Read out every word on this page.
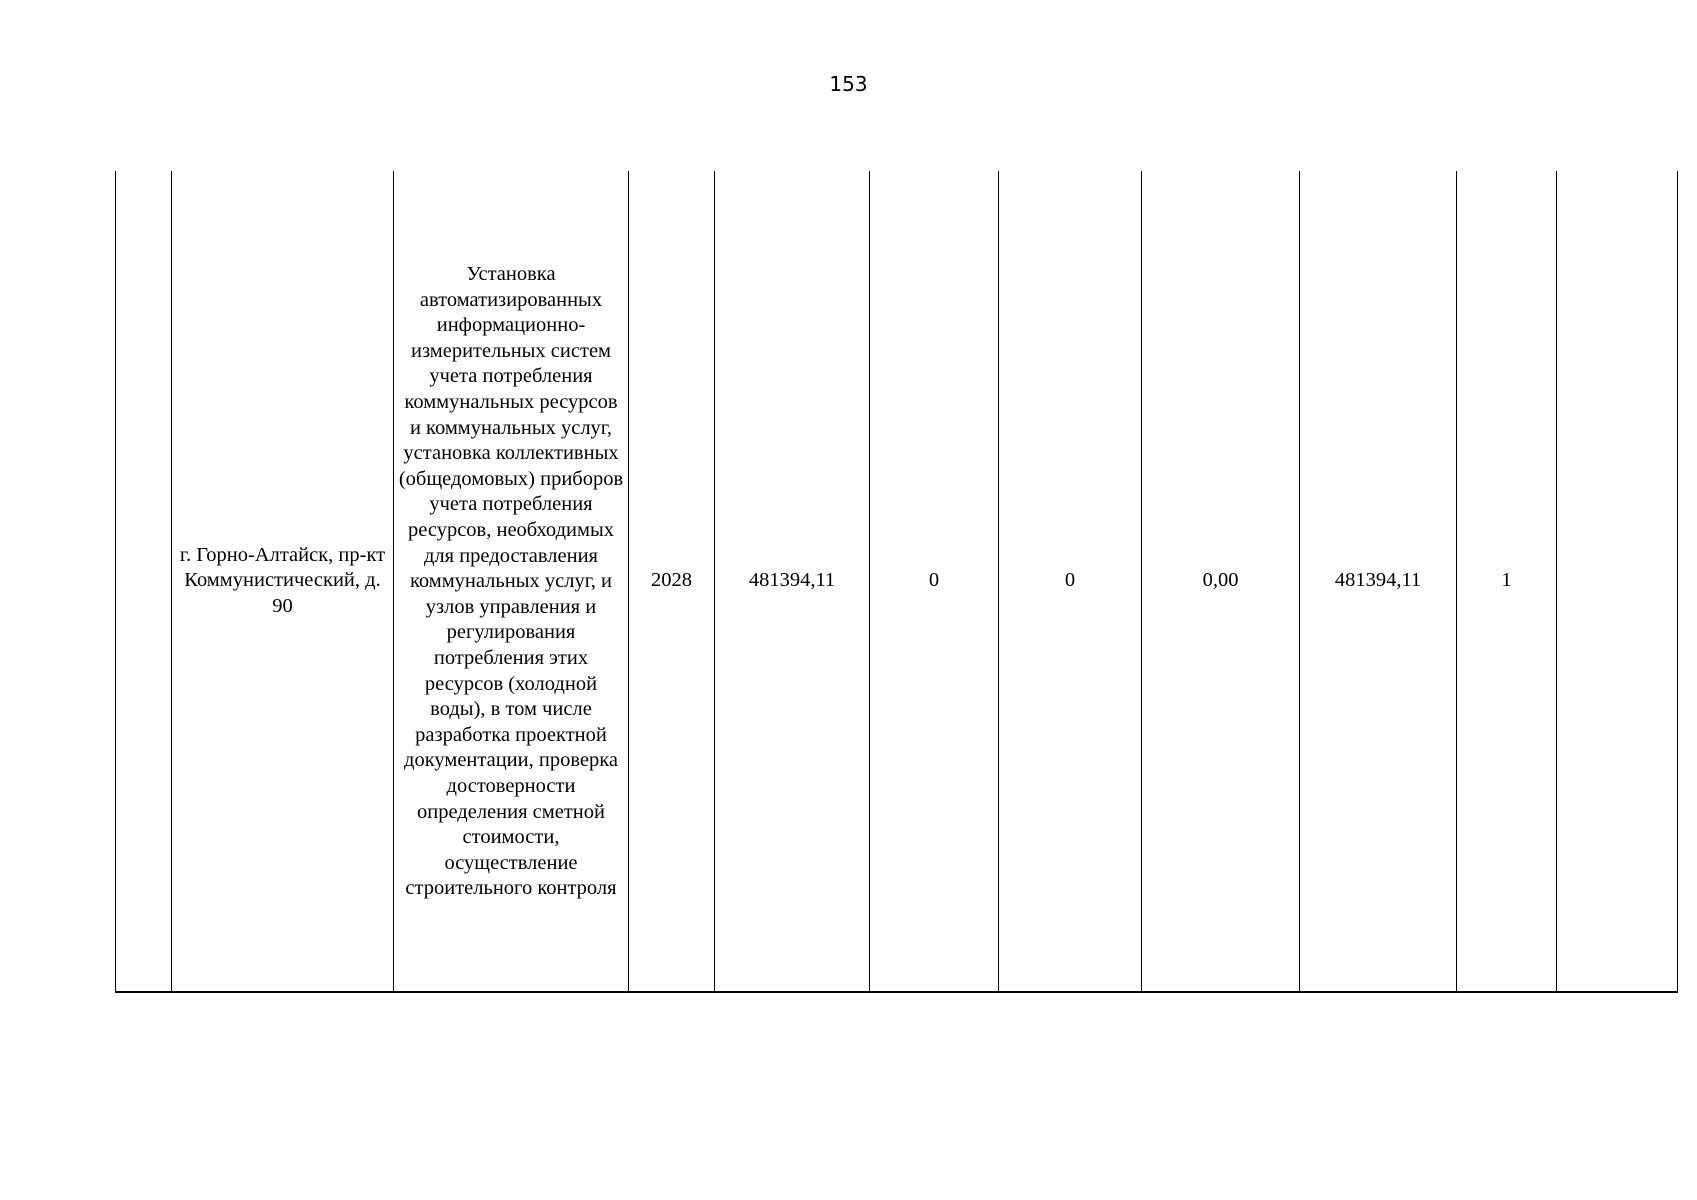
153
	г. Горно-Алтайск, пр-кт Коммунистический, д. 90	Установка автоматизированных информационно-измерительных систем учета потребления коммунальных ресурсов и коммунальных услуг, установка коллективных (общедомовых) приборов учета потребления ресурсов, необходимых для предоставления коммунальных услуг, и узлов управления и регулирования потребления этих ресурсов (холодной воды), в том числе разработка проектной документации, проверка достоверности определения сметной стоимости, осуществление строительного контроля	2028	481394,11	0	0	0,00	481394,11	1	
